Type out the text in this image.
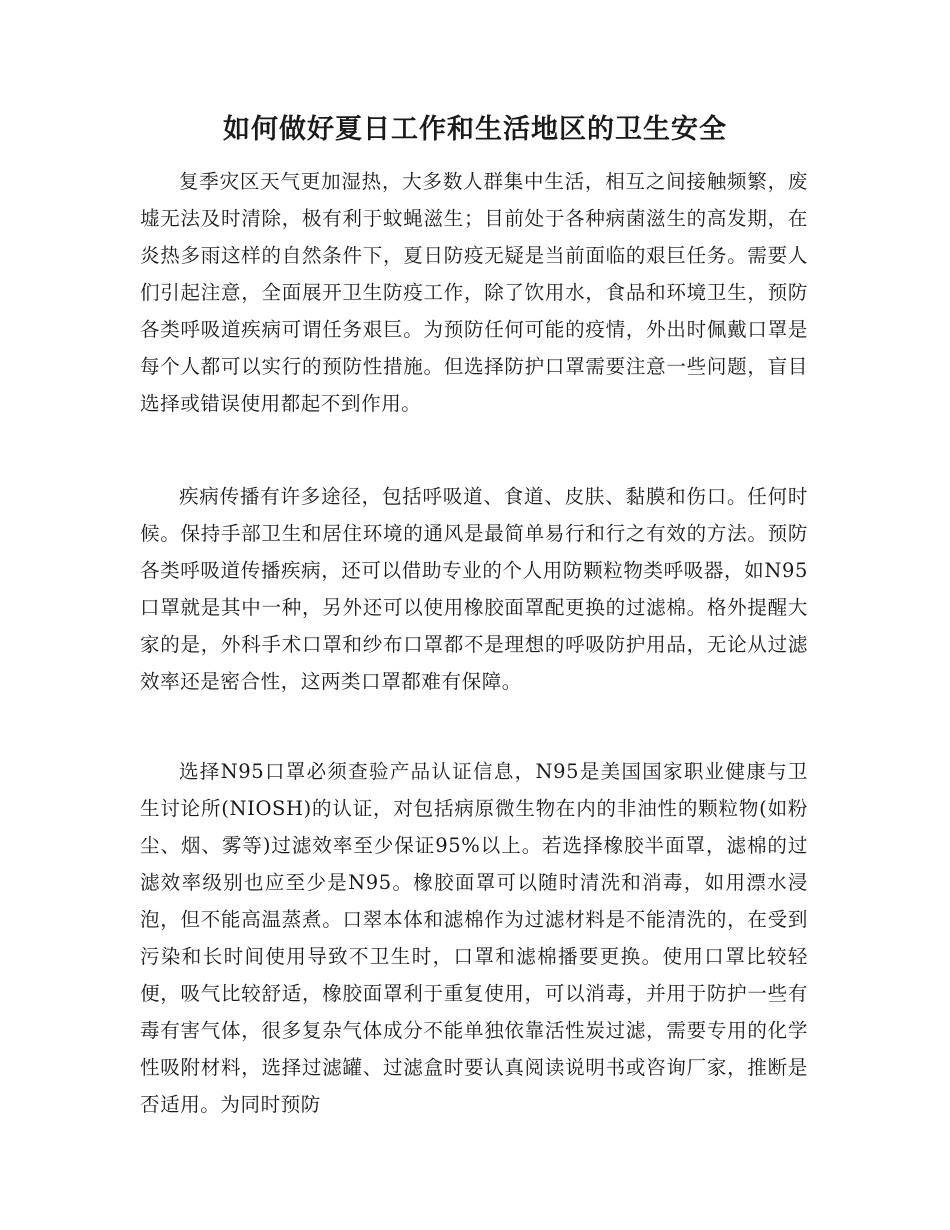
如何做好夏日工作和生活地区的卫生安全

复季灾区天气更加湿热，大多数人群集中生活，相互之间接触频繁，废墟无法及时清除，极有利于蚊蝇滋生；目前处于各种病菌滋生的高发期，在炎热多雨这样的自然条件下，夏日防疫无疑是当前面临的艰巨任务。需要人们引起注意，全面展开卫生防疫工作，除了饮用水，食品和环境卫生，预防各类呼吸道疾病可谓任务艰巨。为预防任何可能的疫情，外出时佩戴口罩是每个人都可以实行的预防性措施。但选择防护口罩需要注意一些问题，盲目选择或错误使用都起不到作用。

疾病传播有许多途径，包括呼吸道、食道、皮肤、黏膜和伤口。任何时候。保持手部卫生和居住环境的通风是最简单易行和行之有效的方法。预防各类呼吸道传播疾病，还可以借助专业的个人用防颗粒物类呼吸器，如N95口罩就是其中一种，另外还可以使用橡胶面罩配更换的过滤棉。格外提醒大家的是，外科手术口罩和纱布口罩都不是理想的呼吸防护用品，无论从过滤效率还是密合性，这两类口罩都难有保障。

选择N95口罩必须查验产品认证信息，N95是美国国家职业健康与卫生讨论所(NIOSH)的认证，对包括病原微生物在内的非油性的颗粒物(如粉尘、烟、雾等)过滤效率至少保证95%以上。若选择橡胶半面罩，滤棉的过滤效率级别也应至少是N95。橡胶面罩可以随时清洗和消毒，如用漂水浸泡，但不能高温蒸煮。口翠本体和滤棉作为过滤材料是不能清洗的，在受到污染和长时间使用导致不卫生时，口罩和滤棉播要更换。使用口罩比较轻便，吸气比较舒适，橡胶面罩利于重复使用，可以消毒，并用于防护一些有毒有害气体，很多复杂气体成分不能单独依靠活性炭过滤，需要专用的化学性吸附材料，选择过滤罐、过滤盒时要认真阅读说明书或咨询厂家，推断是否适用。为同时预防
